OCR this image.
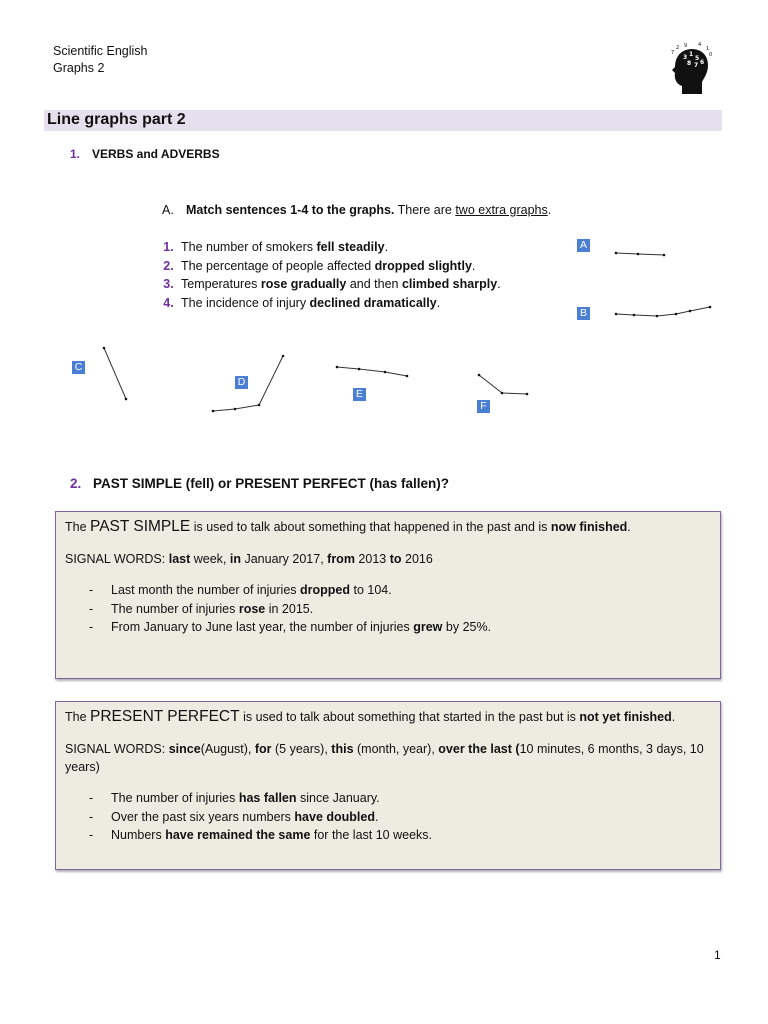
Scientific English
Graphs 2
3 1
5
8 7 6
2 9 4
1
0
7
Line graphs part 2
1. VERBS and ADVERBS
A. Match sentences 1-4 to the graphs. There are two extra graphs.
1. The number of smokers fell steadily.
2. The percentage of people affected dropped slightly.
3. Temperatures rose gradually and then climbed sharply.
4. The incidence of injury declined dramatically.
A
B
C
D
E
F
2. PAST SIMPLE (fell) or PRESENT PERFECT (has fallen)?

The PAST SIMPLE is used to talk about something that happened in the past and is now finished.

SIGNAL WORDS: last week, in January 2017, from 2013 to 2016

- Last month the number of injuries dropped to 104.
- The number of injuries rose in 2015.
- From January to June last year, the number of injuries grew by 25%.

The PRESENT PERFECT is used to talk about something that started in the past but is not yet finished.

SIGNAL WORDS: since(August), for (5 years), this (month, year), over the last (10 minutes, 6 months, 3 days, 10 years)

- The number of injuries has fallen since January.
- Over the past six years numbers have doubled.
- Numbers have remained the same for the last 10 weeks.
1
